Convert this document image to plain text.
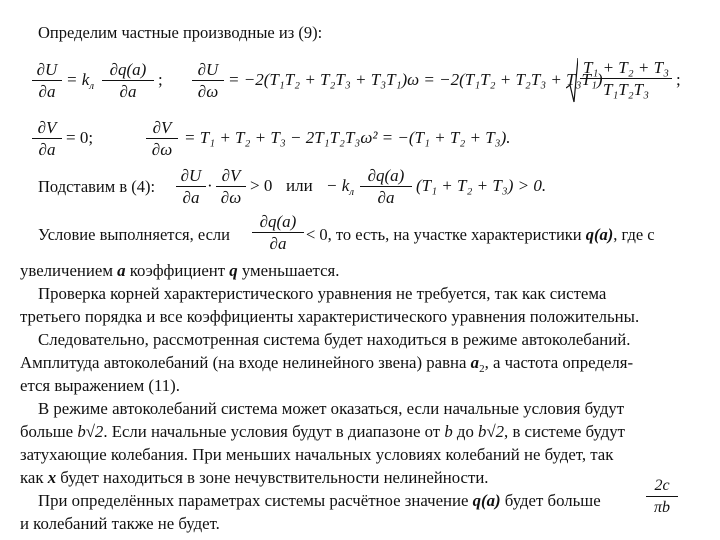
Определим частные производные из (9):
∂U
∂a
= $k_л$
∂q(a)
∂a
;
∂U
∂ω
= −2(T₁T₂ + T₂T₃ + T₃T₁)ω = −2(T₁T₂ + T₂T₃ + T₃T₁)
T₁ + T₂ + T₃
T₁T₂T₃
;
∂V
∂a
= 0;
∂V
∂ω
= T₁ + T₂ + T₃ − 2T₁T₂T₃ω² = −(T₁ + T₂ + T₃).
Подставим в (4):
∂U
∂a
·
∂V
∂ω
> 0 или − $k_л$
∂q(a)
∂a
(T₁ + T₂ + T₃) > 0.
Условие выполняется, если
∂q(a)
∂a	< 0, то есть, на участке характеристики q(a), где с
увеличением a коэффициент q уменьшается.
Проверка корней характеристического уравнения не требуется, так как система
третьего порядка и все коэффициенты характеристического уравнения положительны.
Следовательно, рассмотренная система будет находиться в режиме автоколебаний.
Амплитуда автоколебаний (на входе нелинейного звена) равна $a_2$, а частота определя-
ется выражением (11).
В режиме автоколебаний система может оказаться, если начальные условия будут
больше b√2. Если начальные условия будут в диапазоне от b до b√2, в системе будут
затухающие колебания. При меньших начальных условиях колебаний не будет, так
как x будет находиться в зоне нечувствительности нелинейности.
При определённых параметрах системы расчётное значение q(a) будет больше
2c
πb
и колебаний также не будет.
